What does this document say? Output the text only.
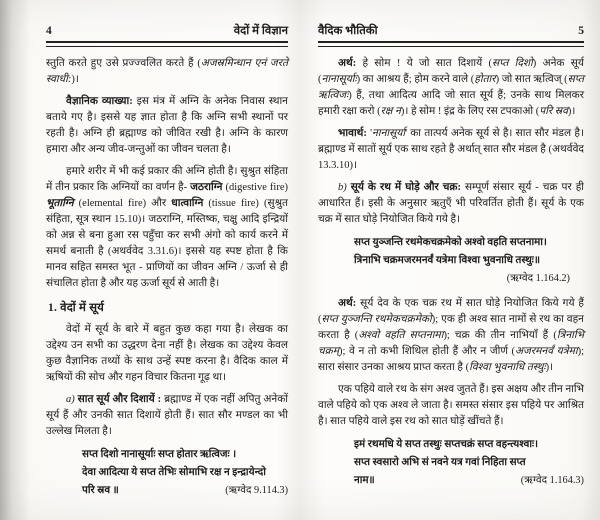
4	वेदों में विज्ञान

स्तुति करते हुए उसे प्रज्ज्वलित करते हैं (अजस्रमिन्धान एनं जरते स्वाधी:)।

वैज्ञानिक व्याख्या: इस मंत्र में अग्नि के अनेक निवास स्थान बताये गए है। इससे यह ज्ञात होता है कि अग्नि सभी स्थानों पर रहती है। अग्नि ही ब्रह्माण्ड को जीवित रखी है। अग्नि के कारण हमारा और अन्य जीव-जन्तुओं का जीवन चलता है।

हमारे शरीर में भी कई प्रकार की अग्नि होती है। सुश्रुत संहिता में तीन प्रकार कि अग्नियों का वर्णन है- जठराग्नि (digestive fire) भूताग्नि (elemental fire) और धात्वाग्नि (tissue fire) (सुश्रुत संहिता, सूत्र स्थान 15.10)। जठराग्नि, मस्तिष्क, चक्षु आदि इन्द्रियों को अन्न से बना हुआ रस पहुँचा कर सभी अंगो को कार्य करने में समर्थ बनाती है (अथर्ववेद 3.31.6)। इससे यह स्पष्ट होता है कि मानव सहित समस्त भूत - प्राणियों का जीवन अग्नि / ऊर्जा से ही संचालित होता है और यह ऊर्जा सूर्य से आती है।

1. वेदों में सूर्य

वेदों में सूर्य के बारे में बहुत कुछ कहा गया है। लेखक का उद्देश्य उन सभी का उद्धरण देना नहीं है। लेखक का उद्देश्य केवल कुछ वैज्ञानिक तथ्यों के साथ उन्हें स्पष्ट करना है। वैदिक काल में ऋषियों की सोच और गहन विचार कितना गूढ़ था।

a) सात सूर्य और दिशायें : ब्रह्माण्ड में एक नहीं अपितु अनेकों सूर्य हैं और उनकी सात दिशायें होती हैं। सात सौर मण्डल का भी उल्लेख मिलता है।

सप्त दिशो नानासूर्याः सप्त होतार ऋत्विजः ।
देवा आदित्या ये सप्त तेभिः सोमाभि रक्ष न इन्द्रायेन्दो
परि स्रव ॥	(ऋग्वेद 9.114.3)
वैदिक भौतिकी	5

अर्थ: हे सोम ! ये जो सात दिशायें (सप्त दिशो) अनेक सूर्य (नानासूर्याः) का आश्रय हैं; होम करने वाले (होतार) जो सात ऋत्विज् (सप्त ऋत्विजः) हैं, तथा आदित्य आदि जो सात सूर्य हैं; उनके साथ मिलकर हमारी रक्षा करो (रक्ष न)। हे सोम ! इंद्र के लिए रस टपकाओ (परि स्रव)।

भावार्थ: 'नानासूर्या' का तात्पर्य अनेक सूर्य से है। सात सौर मंडल है। ब्रह्माण्ड में सातों सूर्य एक साथ रहते है अर्थात् सात सौर मंडल है (अथर्ववेद 13.3.10)।

b) सूर्य के रथ में घोड़े और चक्र: सम्पूर्ण संसार सूर्य - चक्र पर ही आधारित हैं। इसी के अनुसार ऋतुएँ भी परिवर्तित होती हैं। सूर्य के एक चक्र में सात घोड़े नियोजित किये गये है।

सप्त युञ्जन्ति रथमेकचक्रमेको अश्वो वहति सप्तनामा।
त्रिनाभि चक्रमजरमनर्वं यत्रेमा विश्वा भुवनाधि तस्थुः॥
(ऋग्वेद 1.164.2)

अर्थ: सूर्य देव के एक चक्र रथ में सात घोड़े नियोजित किये गये हैं (सप्त युञ्जन्ति रथमेकचक्रमेको); एक ही अश्व सात नामों से रथ का वहन करता है (अश्वो वहति सप्तनामा); चक्र की तीन नाभियाँ हैं (त्रिनाभि चक्रम्); वे न तो कभी शिथिल होती हैं और न जीर्ण (अजरमनर्वं यत्रेमा); सारा संसार उनका आश्रय प्राप्त करता है (विश्वा भुवनाधि तस्थुः)।

एक पहिये वाले रथ के संग अश्व जुतते हैं। इस अक्षय और तीन नाभि वाले पहिये को एक अश्व ले जाता है। समस्त संसार इस पहिये पर आश्रित है। सात पहिये वाले इस रथ को सात घोड़ें खींचते हैं।

इमं रथमधि ये सप्त तस्थुः सप्तचक्रं सप्त वहन्त्यश्वाः।
सप्त स्वसारो अभि सं नवने यत्र गवां निहिता सप्त
नाम॥	(ऋग्वेद 1.164.3)
